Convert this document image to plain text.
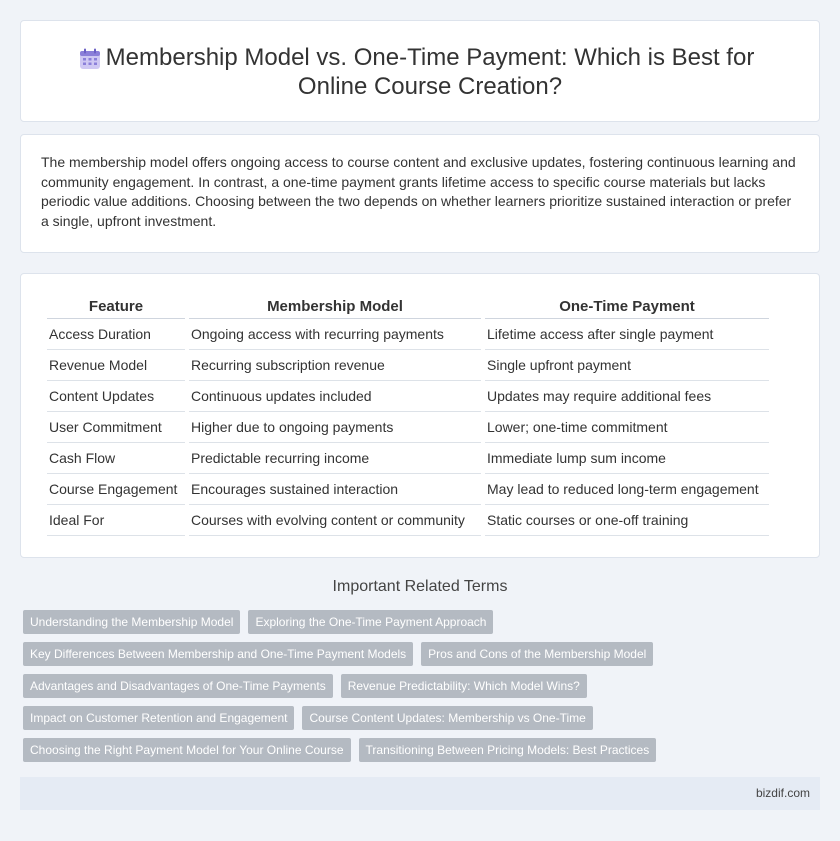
Membership Model vs. One-Time Payment: Which is Best for Online Course Creation?

The membership model offers ongoing access to course content and exclusive updates, fostering continuous learning and community engagement. In contrast, a one-time payment grants lifetime access to specific course materials but lacks periodic value additions. Choosing between the two depends on whether learners prioritize sustained interaction or prefer a single, upfront investment.

Feature	Membership Model	One-Time Payment
Access Duration	Ongoing access with recurring payments	Lifetime access after single payment
Revenue Model	Recurring subscription revenue	Single upfront payment
Content Updates	Continuous updates included	Updates may require additional fees
User Commitment	Higher due to ongoing payments	Lower; one-time commitment
Cash Flow	Predictable recurring income	Immediate lump sum income
Course Engagement	Encourages sustained interaction	May lead to reduced long-term engagement
Ideal For	Courses with evolving content or community	Static courses or one-off training
Important Related Terms
Understanding the Membership Model	Exploring the One-Time Payment Approach
Key Differences Between Membership and One-Time Payment Models	Pros and Cons of the Membership Model
Advantages and Disadvantages of One-Time Payments	Revenue Predictability: Which Model Wins?
Impact on Customer Retention and Engagement	Course Content Updates: Membership vs One-Time
Choosing the Right Payment Model for Your Online Course	Transitioning Between Pricing Models: Best Practices
bizdif.com
